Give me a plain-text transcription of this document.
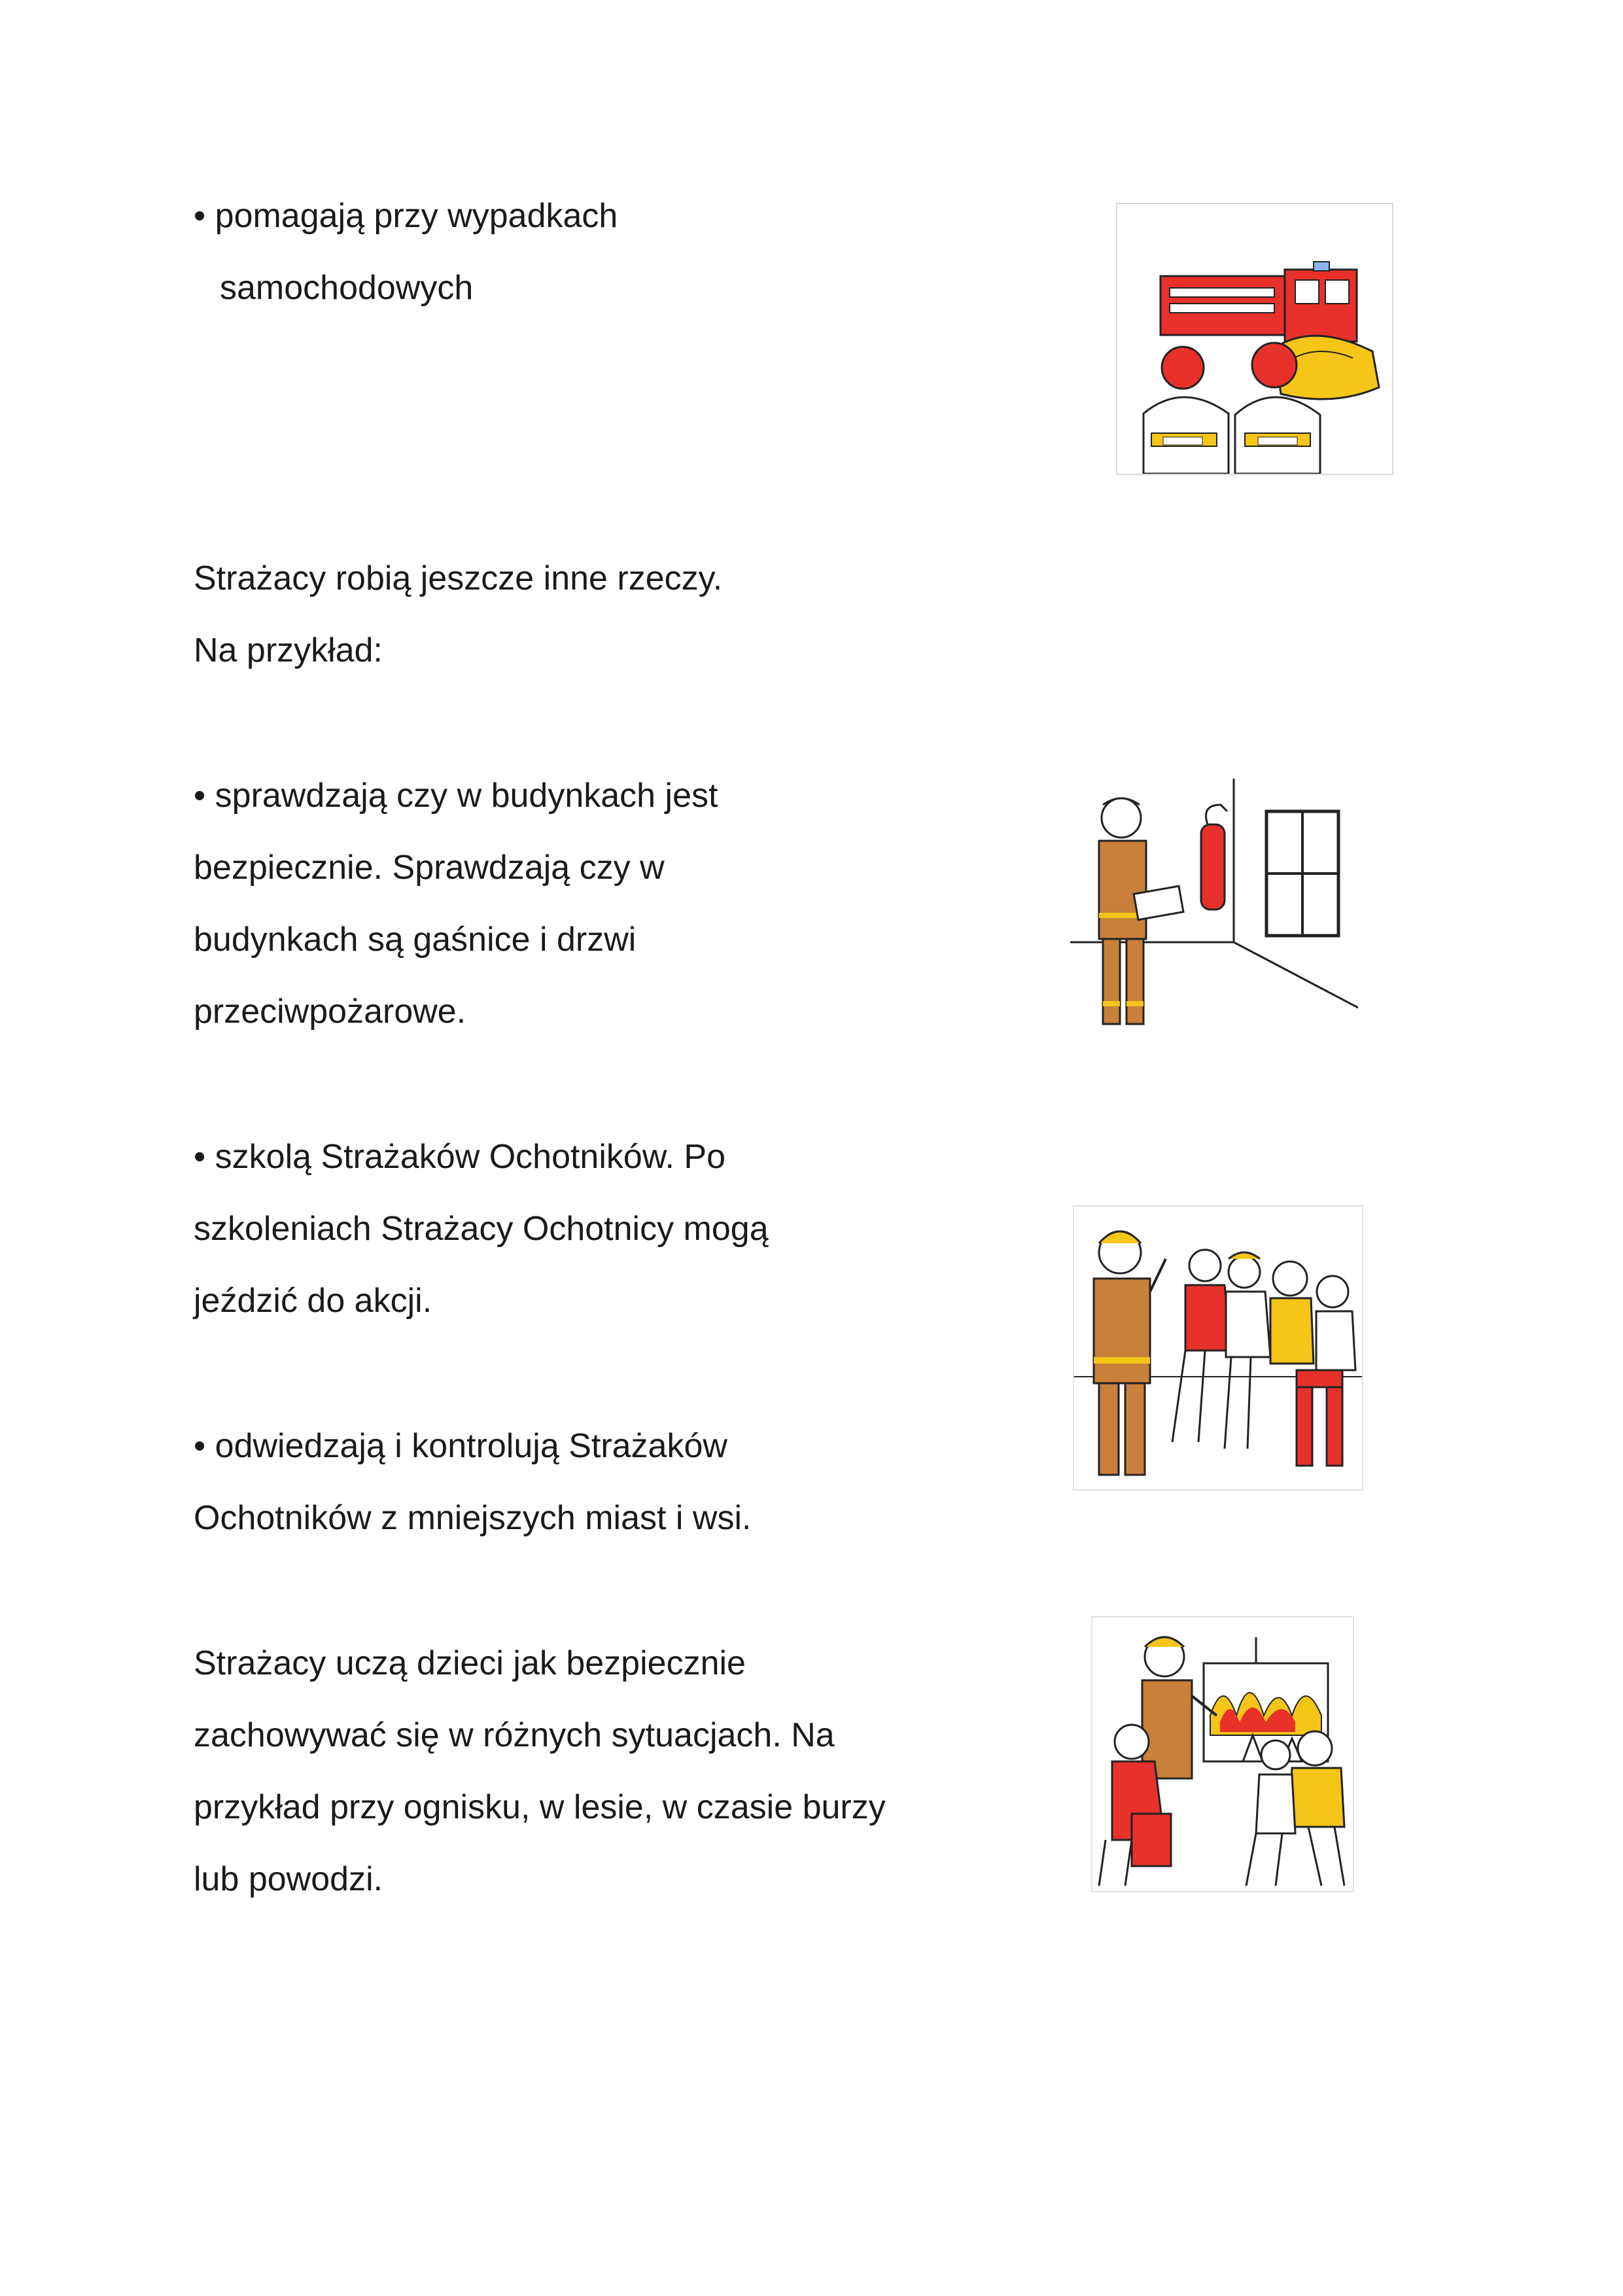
• pomagają przy wypadkach
samochodowych
Strażacy robią jeszcze inne rzeczy.
Na przykład:
• sprawdzają czy w budynkach jest
bezpiecznie. Sprawdzają czy w
budynkach są gaśnice i drzwi
przeciwpożarowe.
• szkolą Strażaków Ochotników. Po
szkoleniach Strażacy Ochotnicy mogą
jeździć do akcji.
• odwiedzają i kontrolują Strażaków
Ochotników z mniejszych miast i wsi.
Strażacy uczą dzieci jak bezpiecznie
zachowywać się w różnych sytuacjach. Na
przykład przy ognisku, w lesie, w czasie burzy
lub powodzi.
